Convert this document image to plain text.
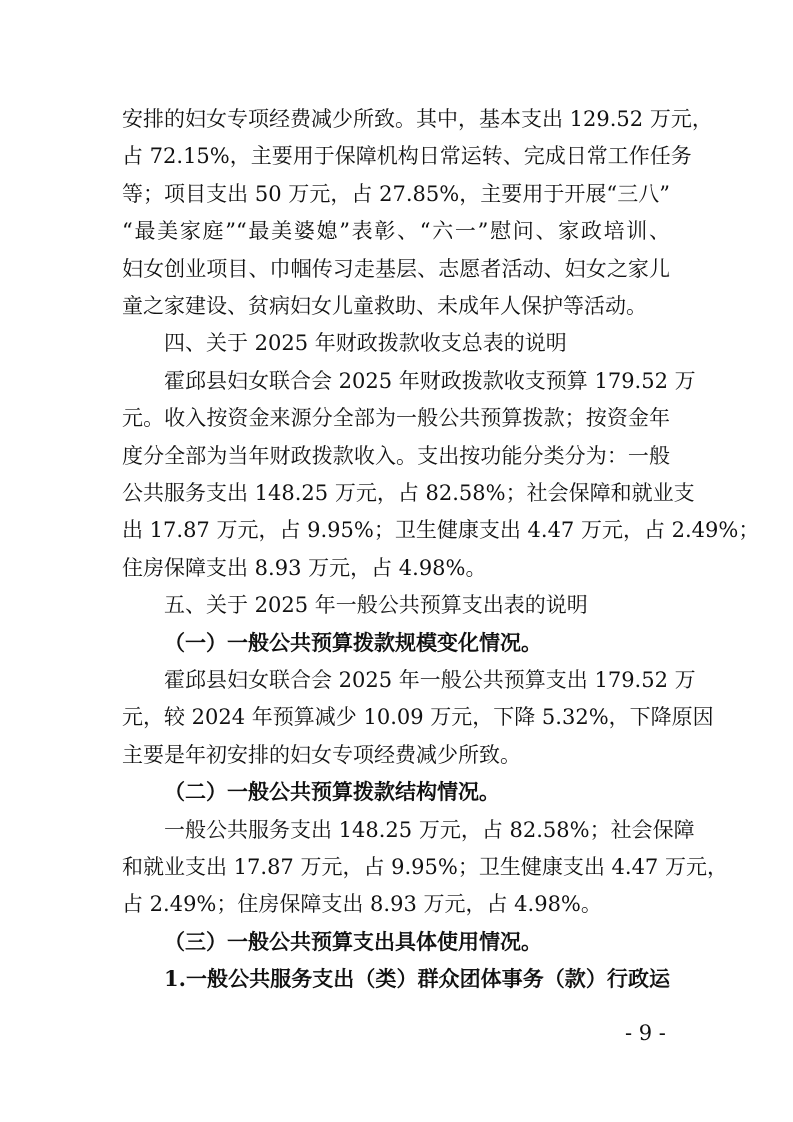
安排的妇女专项经费减少所致。其中，基本支出 129.52 万元，
占 72.15%，主要用于保障机构日常运转、完成日常工作任务
等；项目支出 50 万元，占 27.85%，主要用于开展“三八”
“最美家庭”“最美婆媳”表彰、“六一”慰问、家政培训、
妇女创业项目、巾帼传习走基层、志愿者活动、妇女之家儿
童之家建设、贫病妇女儿童救助、未成年人保护等活动。
四、关于 2025 年财政拨款收支总表的说明
霍邱县妇女联合会 2025 年财政拨款收支预算 179.52 万
元。收入按资金来源分全部为一般公共预算拨款；按资金年
度分全部为当年财政拨款收入。支出按功能分类分为：一般
公共服务支出 148.25 万元，占 82.58%；社会保障和就业支
出 17.87 万元，占 9.95%；卫生健康支出 4.47 万元，占 2.49%；
住房保障支出 8.93 万元，占 4.98%。
五、关于 2025 年一般公共预算支出表的说明
（一）一般公共预算拨款规模变化情况。
霍邱县妇女联合会 2025 年一般公共预算支出 179.52 万
元，较 2024 年预算减少 10.09 万元，下降 5.32%，下降原因
主要是年初安排的妇女专项经费减少所致。
（二）一般公共预算拨款结构情况。
一般公共服务支出 148.25 万元，占 82.58%；社会保障
和就业支出 17.87 万元，占 9.95%；卫生健康支出 4.47 万元，
占 2.49%；住房保障支出 8.93 万元，占 4.98%。
（三）一般公共预算支出具体使用情况。
1.一般公共服务支出（类）群众团体事务（款）行政运
- 9 -
